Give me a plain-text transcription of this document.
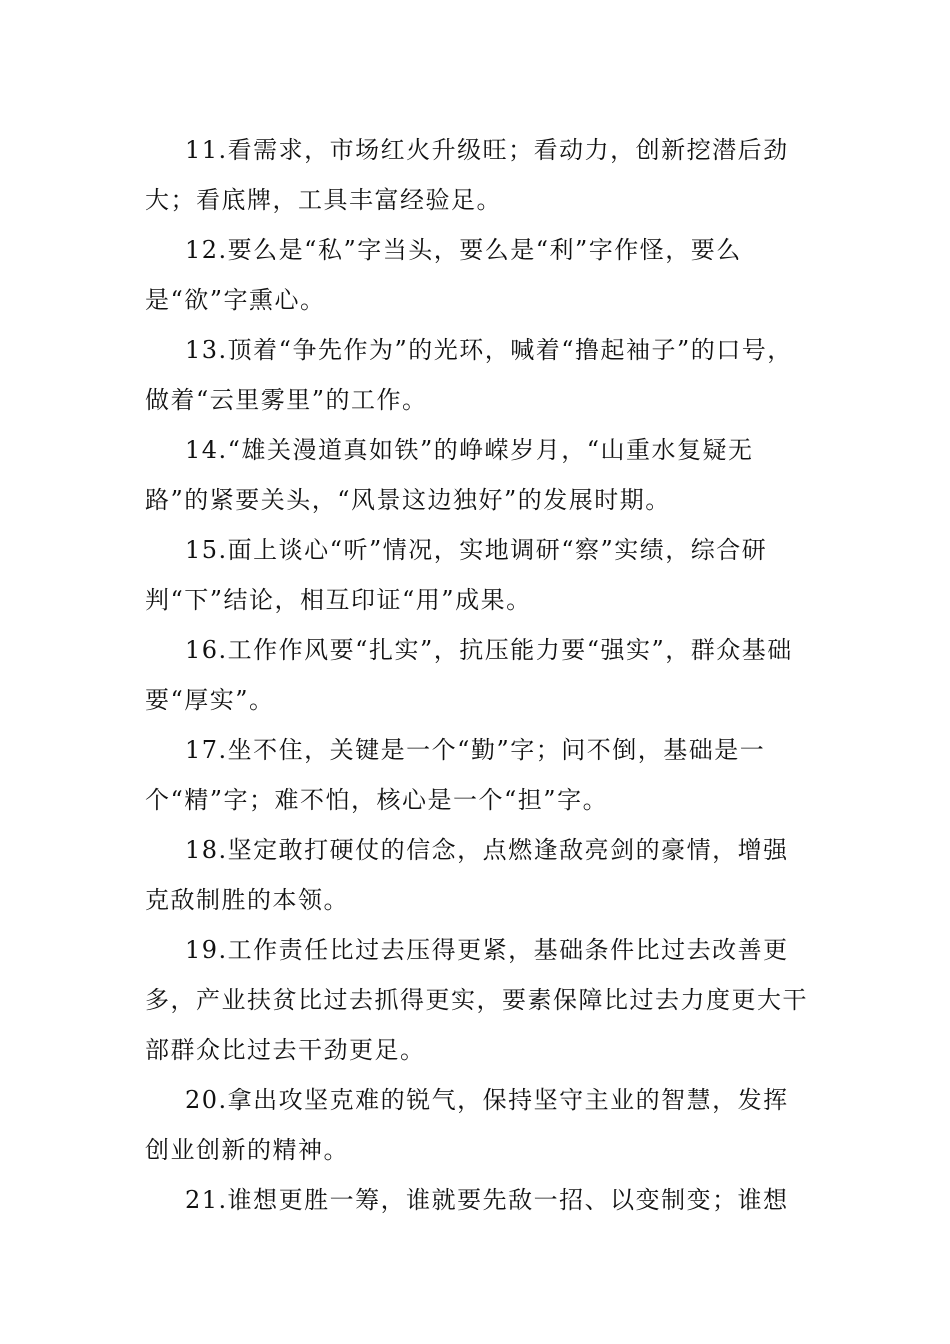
11.看需求，市场红火升级旺；看动力，创新挖潜后劲大；看底牌，工具丰富经验足。

12.要么是“私”字当头，要么是“利”字作怪，要么是“欲”字熏心。

13.顶着“争先作为”的光环，喊着“撸起袖子”的口号，做着“云里雾里”的工作。

14.“雄关漫道真如铁”的峥嵘岁月，“山重水复疑无路”的紧要关头，“风景这边独好”的发展时期。

15.面上谈心“听”情况，实地调研“察”实绩，综合研判“下”结论，相互印证“用”成果。

16.工作作风要“扎实”，抗压能力要“强实”，群众基础要“厚实”。

17.坐不住，关键是一个“勤”字；问不倒，基础是一个“精”字；难不怕，核心是一个“担”字。

18.坚定敢打硬仗的信念，点燃逢敌亮剑的豪情，增强克敌制胜的本领。

19.工作责任比过去压得更紧，基础条件比过去改善更多，产业扶贫比过去抓得更实，要素保障比过去力度更大干部群众比过去干劲更足。

20.拿出攻坚克难的锐气，保持坚守主业的智慧，发挥创业创新的精神。

21.谁想更胜一筹，谁就要先敌一招、以变制变；谁想
